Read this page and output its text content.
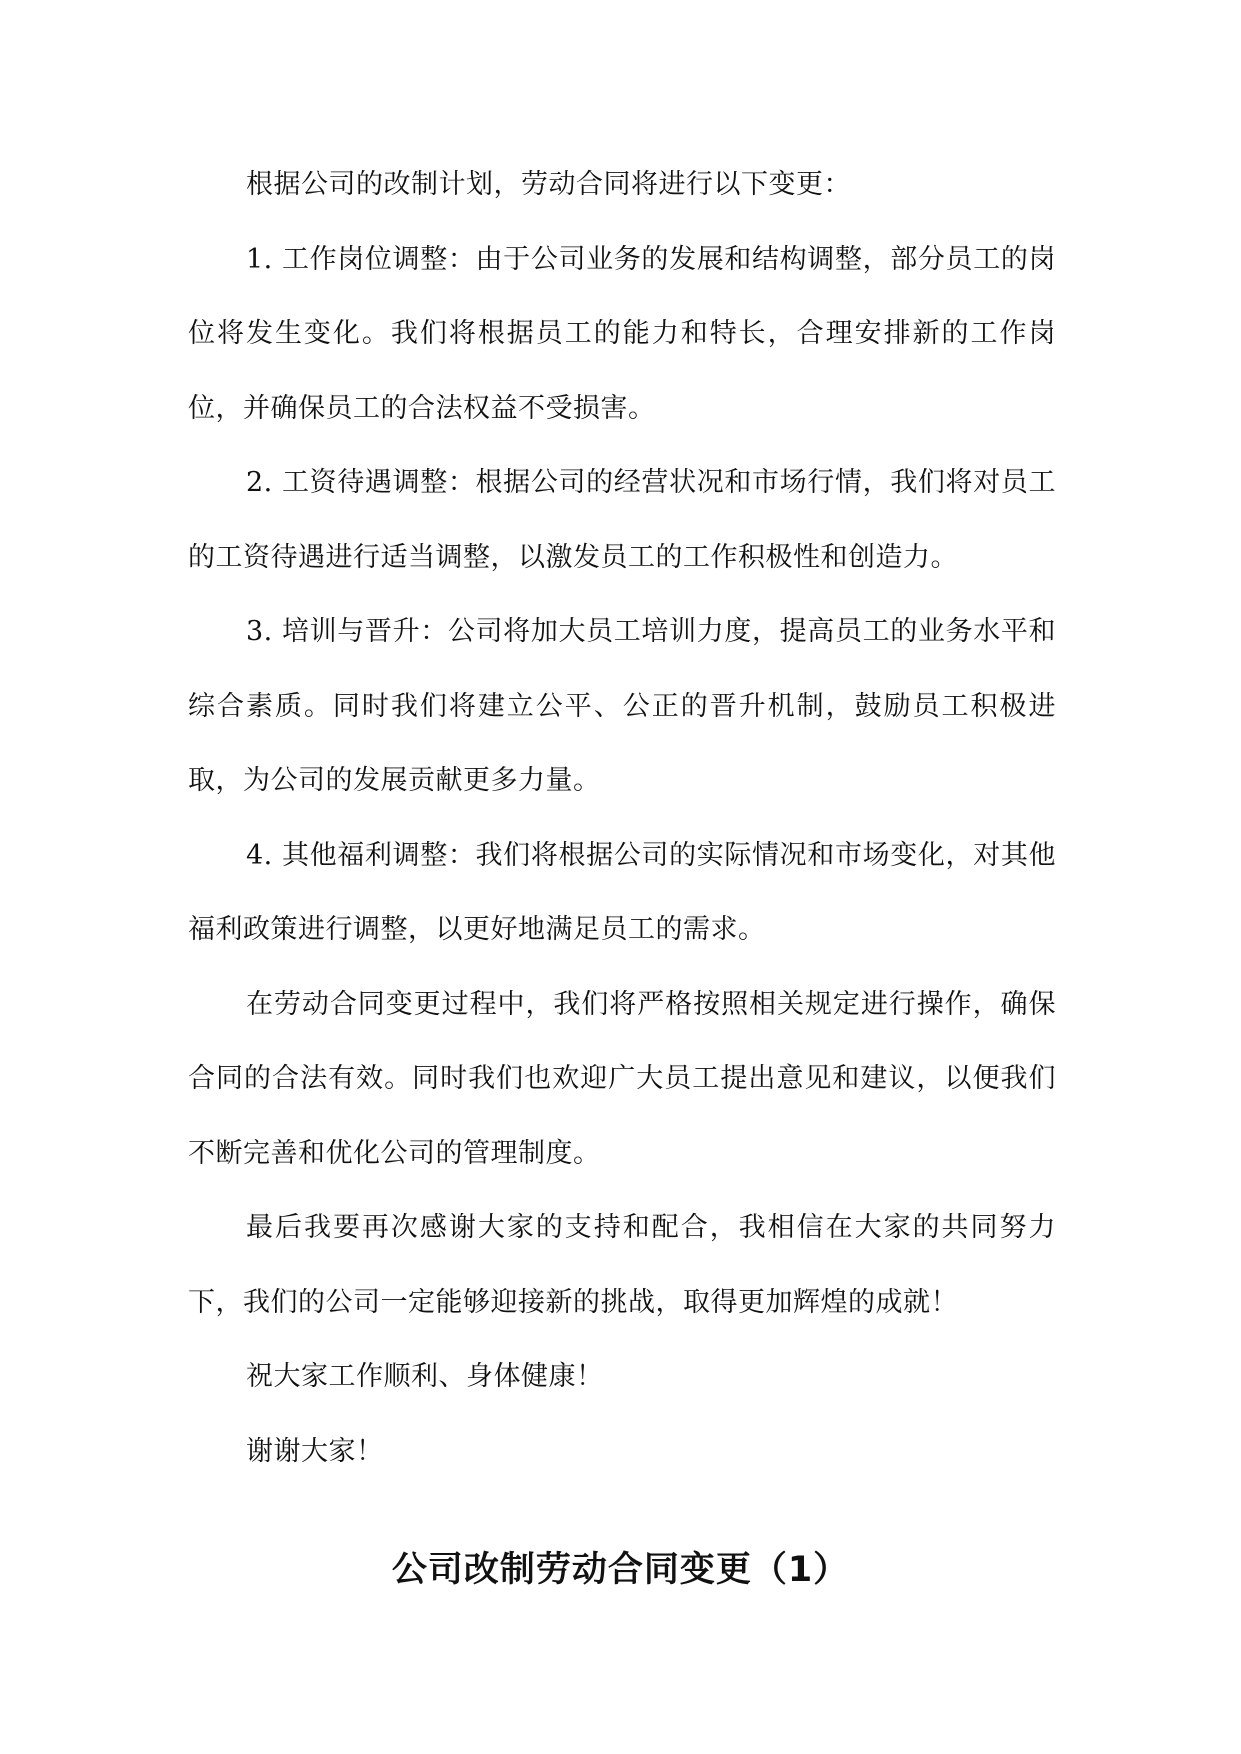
根据公司的改制计划，劳动合同将进行以下变更：

1. 工作岗位调整：由于公司业务的发展和结构调整，部分员工的岗位将发生变化。我们将根据员工的能力和特长，合理安排新的工作岗位，并确保员工的合法权益不受损害。

2. 工资待遇调整：根据公司的经营状况和市场行情，我们将对员工的工资待遇进行适当调整，以激发员工的工作积极性和创造力。

3. 培训与晋升：公司将加大员工培训力度，提高员工的业务水平和综合素质。同时我们将建立公平、公正的晋升机制，鼓励员工积极进取，为公司的发展贡献更多力量。

4. 其他福利调整：我们将根据公司的实际情况和市场变化，对其他福利政策进行调整，以更好地满足员工的需求。

在劳动合同变更过程中，我们将严格按照相关规定进行操作，确保合同的合法有效。同时我们也欢迎广大员工提出意见和建议，以便我们不断完善和优化公司的管理制度。

最后我要再次感谢大家的支持和配合，我相信在大家的共同努力下，我们的公司一定能够迎接新的挑战，取得更加辉煌的成就！

祝大家工作顺利、身体健康！

谢谢大家！

公司改制劳动合同变更（1）
